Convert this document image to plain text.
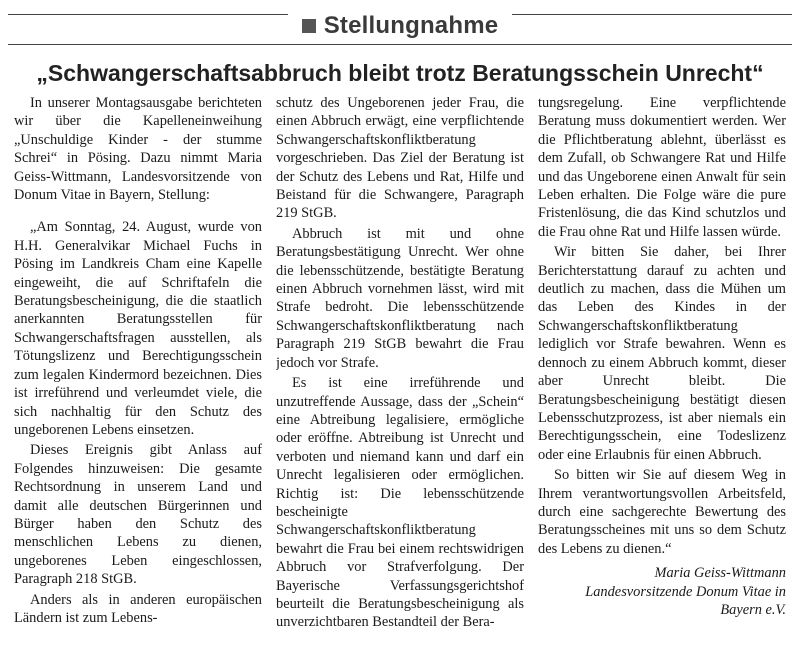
Stellungnahme
„Schwangerschaftsabbruch bleibt trotz Beratungsschein Unrecht“

In unserer Montagsausgabe berichteten wir über die Kapelleneinweihung „Unschuldige Kinder - der stumme Schrei“ in Pösing. Dazu nimmt Maria Geiss-Wittmann, Landesvorsitzende von Donum Vitae in Bayern, Stellung:

„Am Sonntag, 24. August, wurde von H.H. Generalvikar Michael Fuchs in Pösing im Landkreis Cham eine Kapelle eingeweiht, die auf Schriftafeln die Beratungsbescheinigung, die die staatlich anerkannten Beratungsstellen für Schwangerschaftsfragen ausstellen, als Tötungslizenz und Berechtigungsschein zum legalen Kindermord bezeichnen. Dies ist irreführend und verleumdet viele, die sich nachhaltig für den Schutz des ungeborenen Lebens einsetzen.

Dieses Ereignis gibt Anlass auf Folgendes hinzuweisen: Die gesamte Rechtsordnung in unserem Land und damit alle deutschen Bürgerinnen und Bürger haben den Schutz des menschlichen Lebens zu dienen, ungeborenes Leben eingeschlossen, Paragraph 218 StGB.

Anders als in anderen europäischen Ländern ist zum Lebens-

schutz des Ungeborenen jeder Frau, die einen Abbruch erwägt, eine verpflichtende Schwangerschaftskonfliktberatung vorgeschrieben. Das Ziel der Beratung ist der Schutz des Lebens und Rat, Hilfe und Beistand für die Schwangere, Paragraph 219 StGB.

Abbruch ist mit und ohne Beratungsbestätigung Unrecht. Wer ohne die lebensschützende, bestätigte Beratung einen Abbruch vornehmen lässt, wird mit Strafe bedroht. Die lebensschützende Schwangerschaftskonfliktberatung nach Paragraph 219 StGB bewahrt die Frau jedoch vor Strafe.

Es ist eine irreführende und unzutreffende Aussage, dass der „Schein“ eine Abtreibung legalisiere, ermögliche oder eröffne. Abtreibung ist Unrecht und verboten und niemand kann und darf ein Unrecht legalisieren oder ermöglichen. Richtig ist: Die lebensschützende bescheinigte Schwangerschaftskonfliktberatung bewahrt die Frau bei einem rechtswidrigen Abbruch vor Strafverfolgung. Der Bayerische Verfassungsgerichtshof beurteilt die Beratungsbescheinigung als unverzichtbaren Bestandteil der Bera-

tungsregelung. Eine verpflichtende Beratung muss dokumentiert werden. Wer die Pflichtberatung ablehnt, überlässt es dem Zufall, ob Schwangere Rat und Hilfe und das Ungeborene einen Anwalt für sein Leben erhalten. Die Folge wäre die pure Fristenlösung, die das Kind schutzlos und die Frau ohne Rat und Hilfe lassen würde.

Wir bitten Sie daher, bei Ihrer Berichterstattung darauf zu achten und deutlich zu machen, dass die Mühen um das Leben des Kindes in der Schwangerschaftskonfliktberatung lediglich vor Strafe bewahren. Wenn es dennoch zu einem Abbruch kommt, dieser aber Unrecht bleibt. Die Beratungsbescheinigung bestätigt diesen Lebensschutzprozess, ist aber niemals ein Berechtigungsschein, eine Todeslizenz oder eine Erlaubnis für einen Abbruch.

So bitten wir Sie auf diesem Weg in Ihrem verantwortungsvollen Arbeitsfeld, durch eine sachgerechte Bewertung des Beratungsscheines mit uns so dem Schutz des Lebens zu dienen.“

Maria Geiss-Wittmann
Landesvorsitzende Donum Vitae in
Bayern e.V.
